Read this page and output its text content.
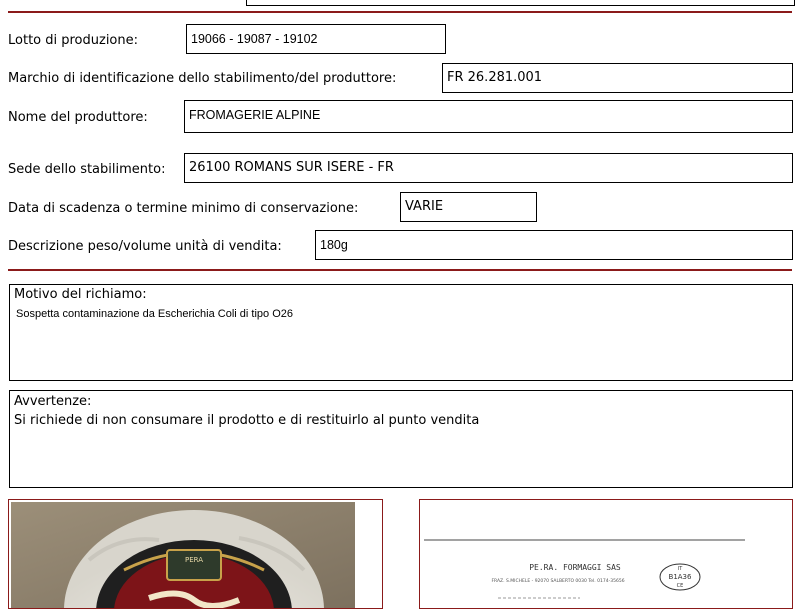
Lotto di produzione:	19066 - 19087 - 19102
Marchio di identificazione dello stabilimento/del produttore:	FR 26.281.001
Nome del produttore:	FROMAGERIE ALPINE
Sede dello stabilimento:	26100 ROMANS SUR ISERE - FR
Data di scadenza o termine minimo di conservazione:	VARIE
Descrizione peso/volume unità di vendita:	180g
Motivo del richiamo:
Sospetta contaminazione da Escherichia Coli di tipo O26
Avvertenze:
Si richiede di non consumare il prodotto e di restituirlo al punto vendita
PERA
PE.RA. FORMAGGI SAS
FRAZ. S.MICHELE - 92070 SALBERTO 0030 Tel. 0174-35656
IT
B1A36
CE
